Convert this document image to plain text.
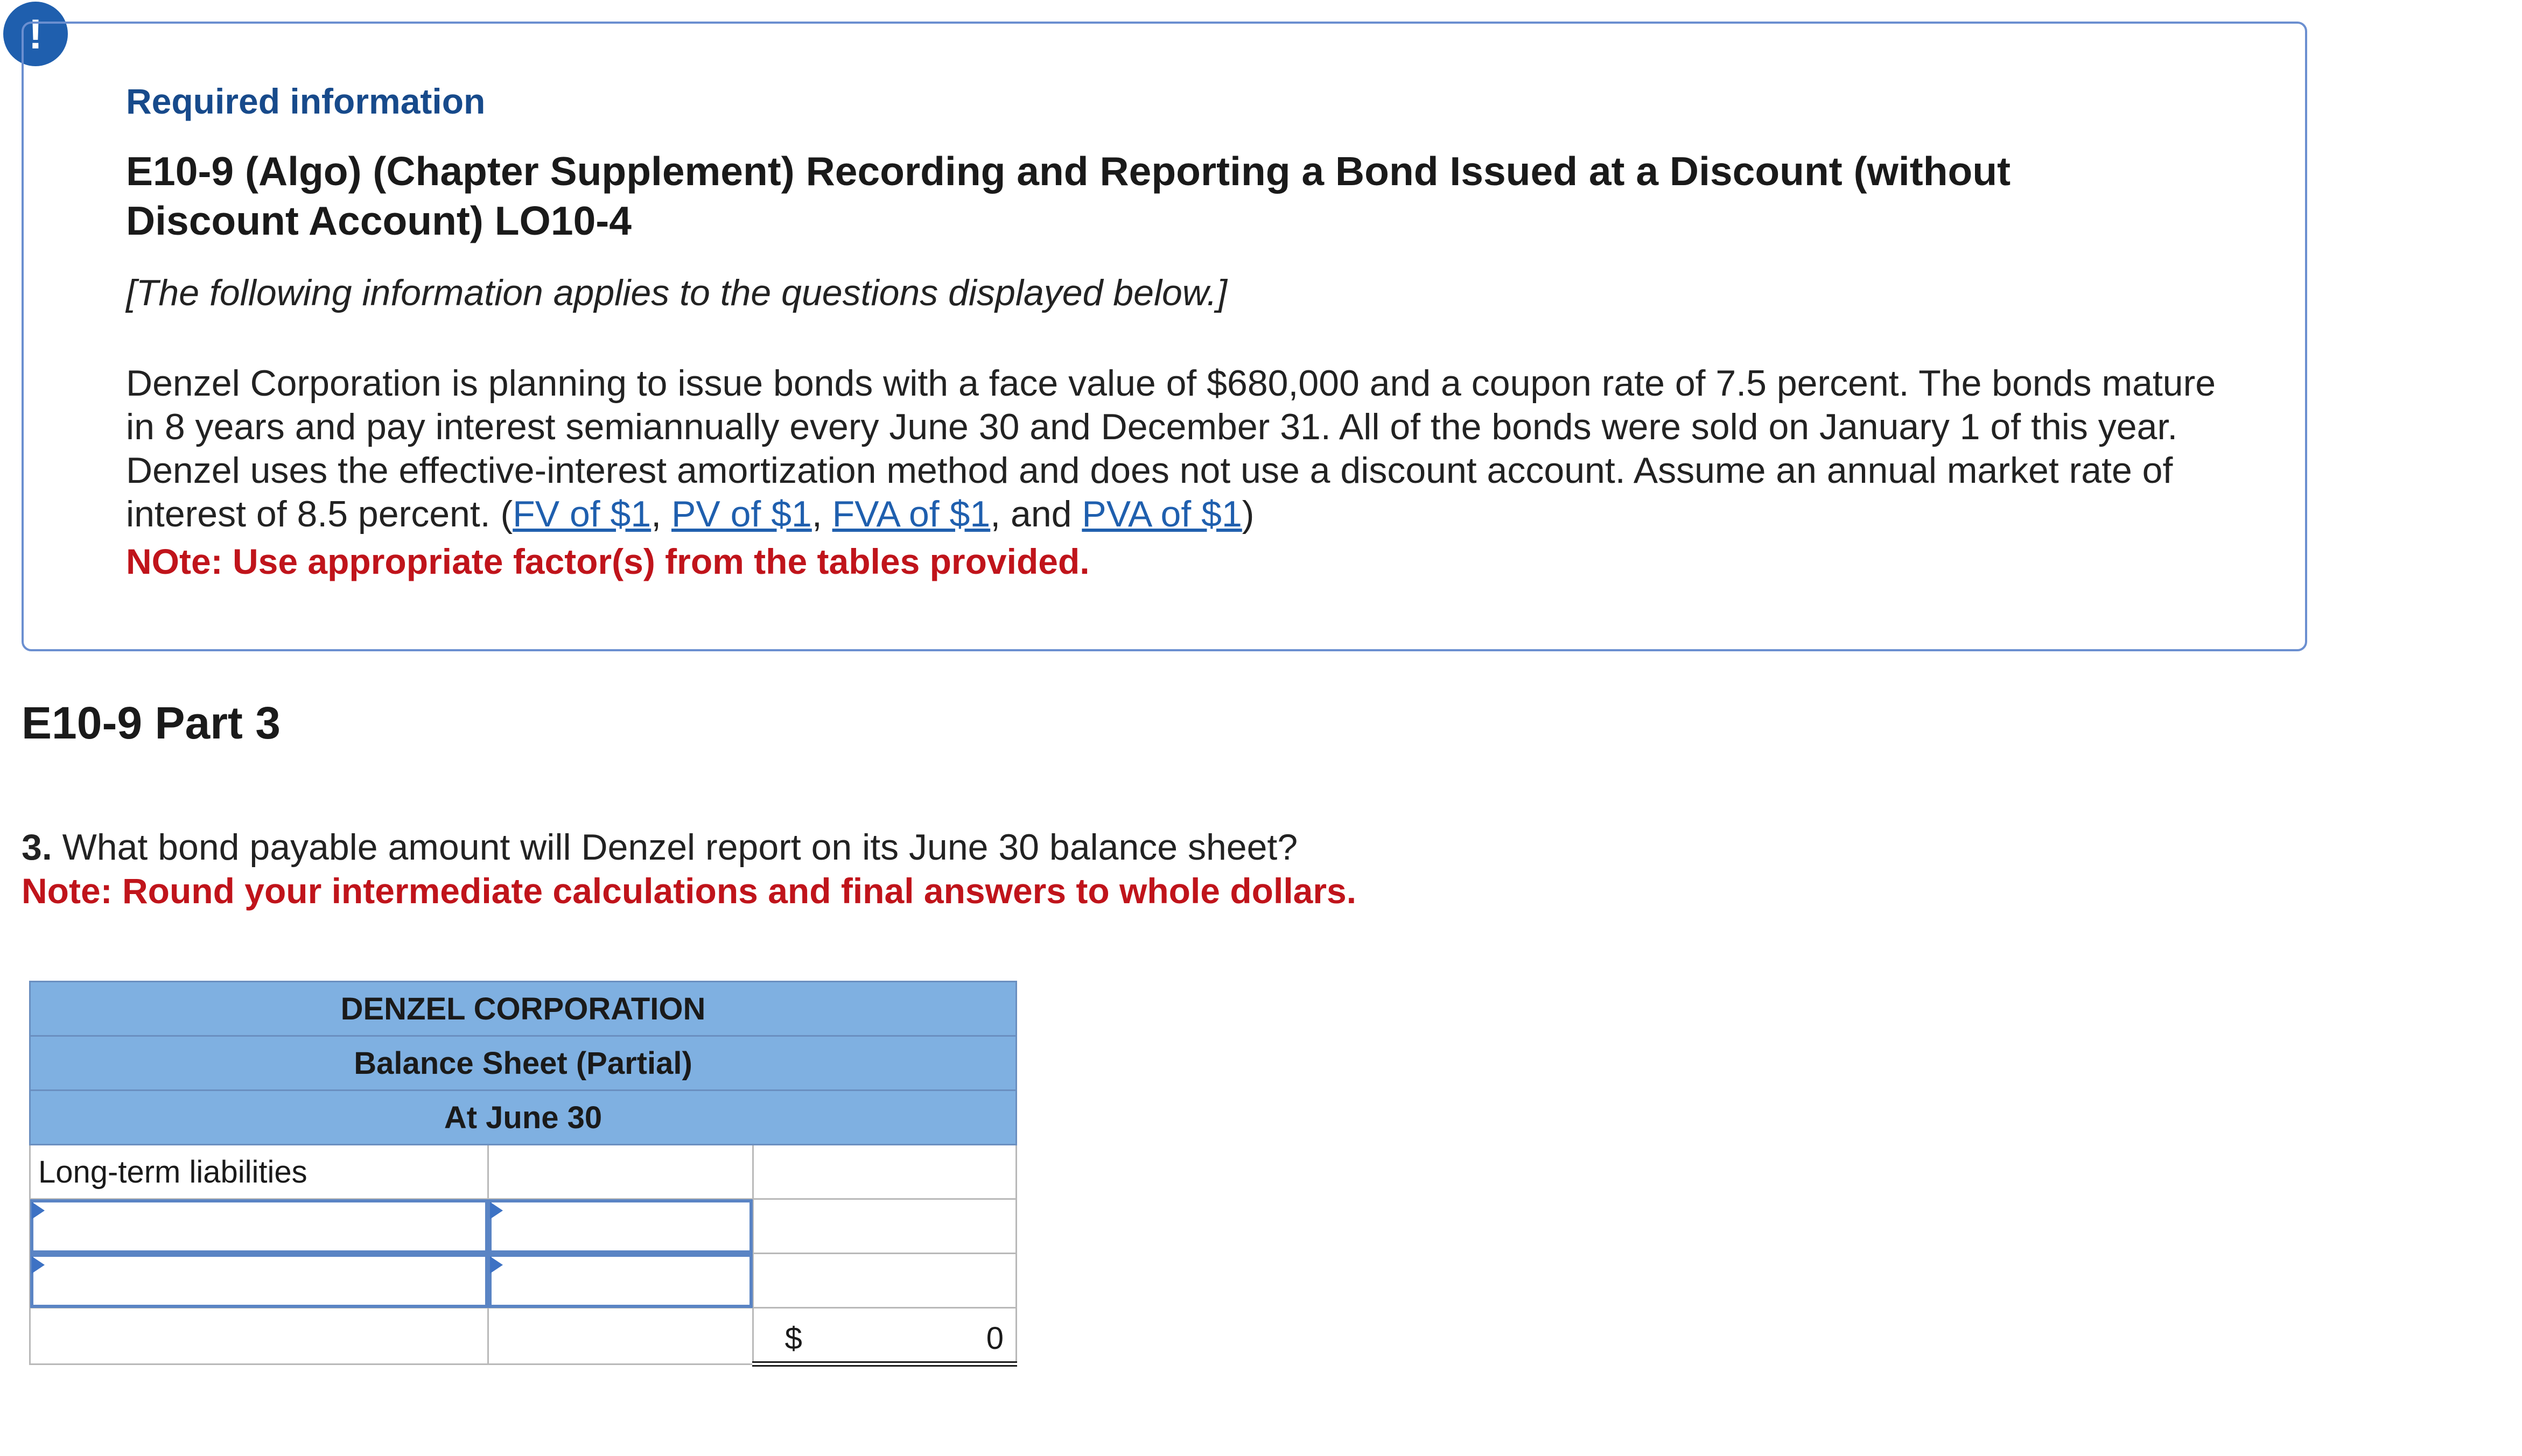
!
Required information
E10-9 (Algo) (Chapter Supplement) Recording and Reporting a Bond Issued at a Discount (without Discount Account) LO10-4
[The following information applies to the questions displayed below.]
Denzel Corporation is planning to issue bonds with a face value of $680,000 and a coupon rate of 7.5 percent. The bonds mature in 8 years and pay interest semiannually every June 30 and December 31. All of the bonds were sold on January 1 of this year. Denzel uses the effective-interest amortization method and does not use a discount account. Assume an annual market rate of interest of 8.5 percent. (FV of $1, PV of $1, FVA of $1, and PVA of $1)
NOte: Use appropriate factor(s) from the tables provided.
E10-9 Part 3
3. What bond payable amount will Denzel report on its June 30 balance sheet?
Note: Round your intermediate calculations and final answers to whole dollars.
DENZEL CORPORATION		
Balance Sheet (Partial)		
At June 30		
Long-term liabilities		

		$ 0
